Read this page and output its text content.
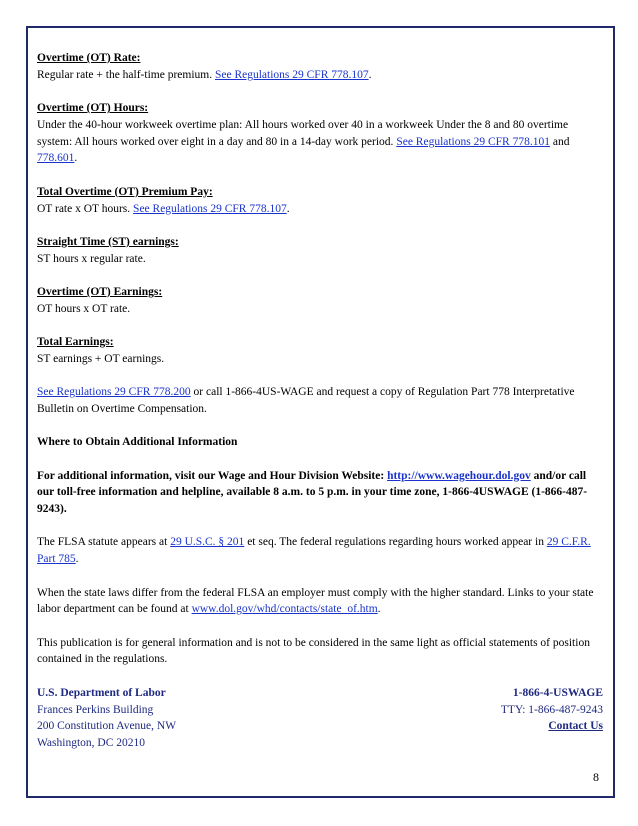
Overtime (OT) Rate:
Regular rate + the half-time premium. See Regulations 29 CFR 778.107.
Overtime (OT) Hours:
Under the 40-hour workweek overtime plan: All hours worked over 40 in a workweek Under the 8 and 80 overtime system: All hours worked over eight in a day and 80 in a 14-day work period. See Regulations 29 CFR 778.101 and 778.601.
Total Overtime (OT) Premium Pay:
OT rate x OT hours. See Regulations 29 CFR 778.107.
Straight Time (ST) earnings:
ST hours x regular rate.
Overtime (OT) Earnings:
OT hours x OT rate.
Total Earnings:
ST earnings + OT earnings.
See Regulations 29 CFR 778.200 or call 1-866-4US-WAGE and request a copy of Regulation Part 778 Interpretative Bulletin on Overtime Compensation.
Where to Obtain Additional Information
For additional information, visit our Wage and Hour Division Website: http://www.wagehour.dol.gov and/or call our toll-free information and helpline, available 8 a.m. to 5 p.m. in your time zone, 1-866-4USWAGE (1-866-487-9243).
The FLSA statute appears at 29 U.S.C. § 201 et seq. The federal regulations regarding hours worked appear in 29 C.F.R. Part 785.
When the state laws differ from the federal FLSA an employer must comply with the higher standard. Links to your state labor department can be found at www.dol.gov/whd/contacts/state_of.htm.
This publication is for general information and is not to be considered in the same light as official statements of position contained in the regulations.
U.S. Department of Labor
Frances Perkins Building
200 Constitution Avenue, NW
Washington, DC 20210
1-866-4-USWAGE
TTY: 1-866-487-9243
Contact Us
8
